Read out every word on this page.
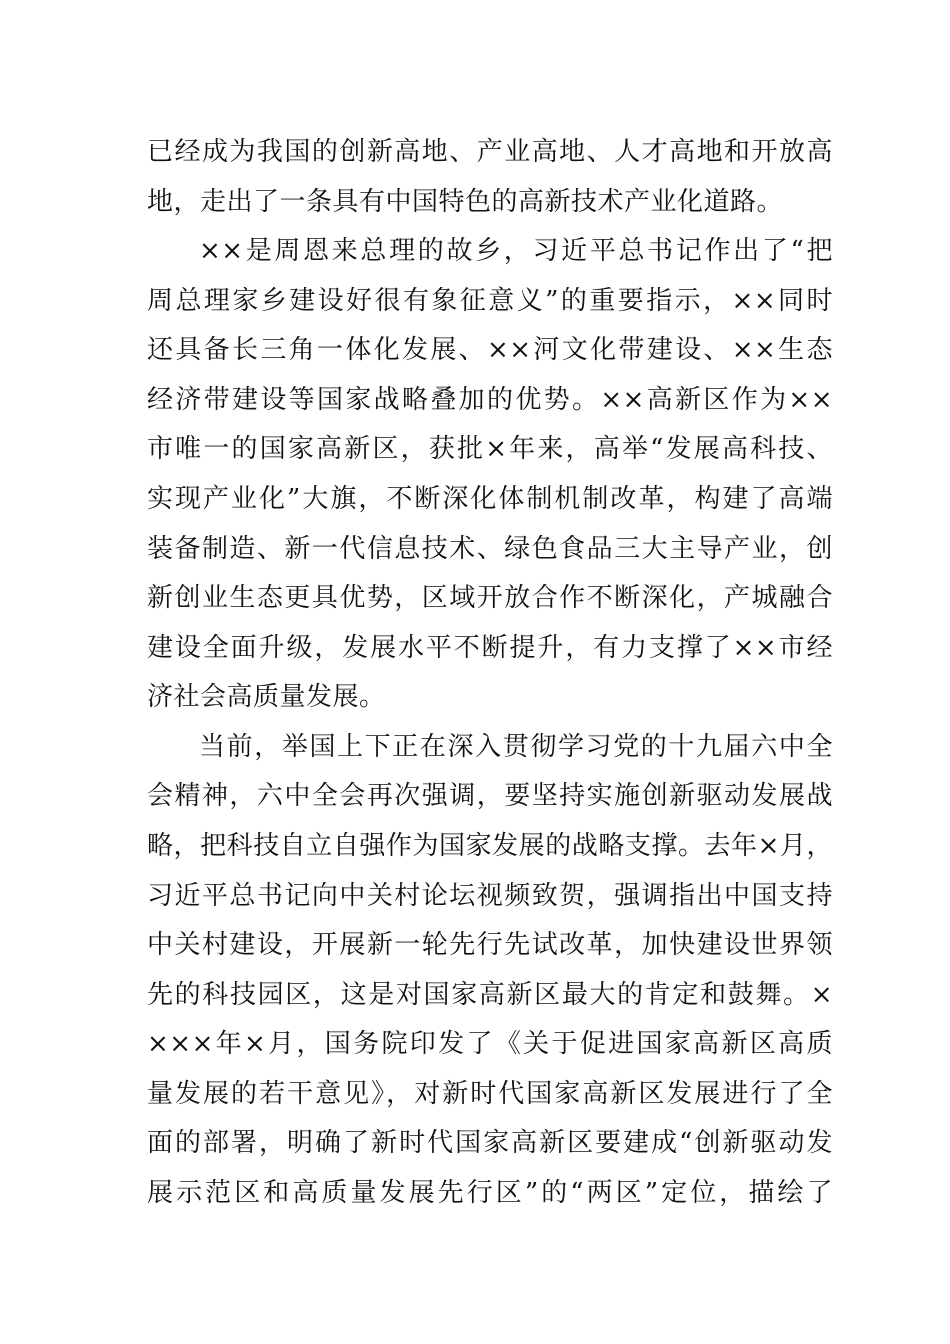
已经成为我国的创新高地、产业高地、人才高地和开放高
地，走出了一条具有中国特色的高新技术产业化道路。
××是周恩来总理的故乡，习近平总书记作出了“把
周总理家乡建设好很有象征意义”的重要指示，××同时
还具备长三角一体化发展、××河文化带建设、××生态
经济带建设等国家战略叠加的优势。××高新区作为××
市唯一的国家高新区，获批×年来，高举“发展高科技、
实现产业化”大旗，不断深化体制机制改革，构建了高端
装备制造、新一代信息技术、绿色食品三大主导产业，创
新创业生态更具优势，区域开放合作不断深化，产城融合
建设全面升级，发展水平不断提升，有力支撑了××市经
济社会高质量发展。
当前，举国上下正在深入贯彻学习党的十九届六中全
会精神，六中全会再次强调，要坚持实施创新驱动发展战
略，把科技自立自强作为国家发展的战略支撑。去年×月，
习近平总书记向中关村论坛视频致贺，强调指出中国支持
中关村建设，开展新一轮先行先试改革，加快建设世界领
先的科技园区，这是对国家高新区最大的肯定和鼓舞。×
×××年×月，国务院印发了《关于促进国家高新区高质
量发展的若干意见》，对新时代国家高新区发展进行了全
面的部署，明确了新时代国家高新区要建成“创新驱动发
展示范区和高质量发展先行区”的“两区”定位，描绘了
